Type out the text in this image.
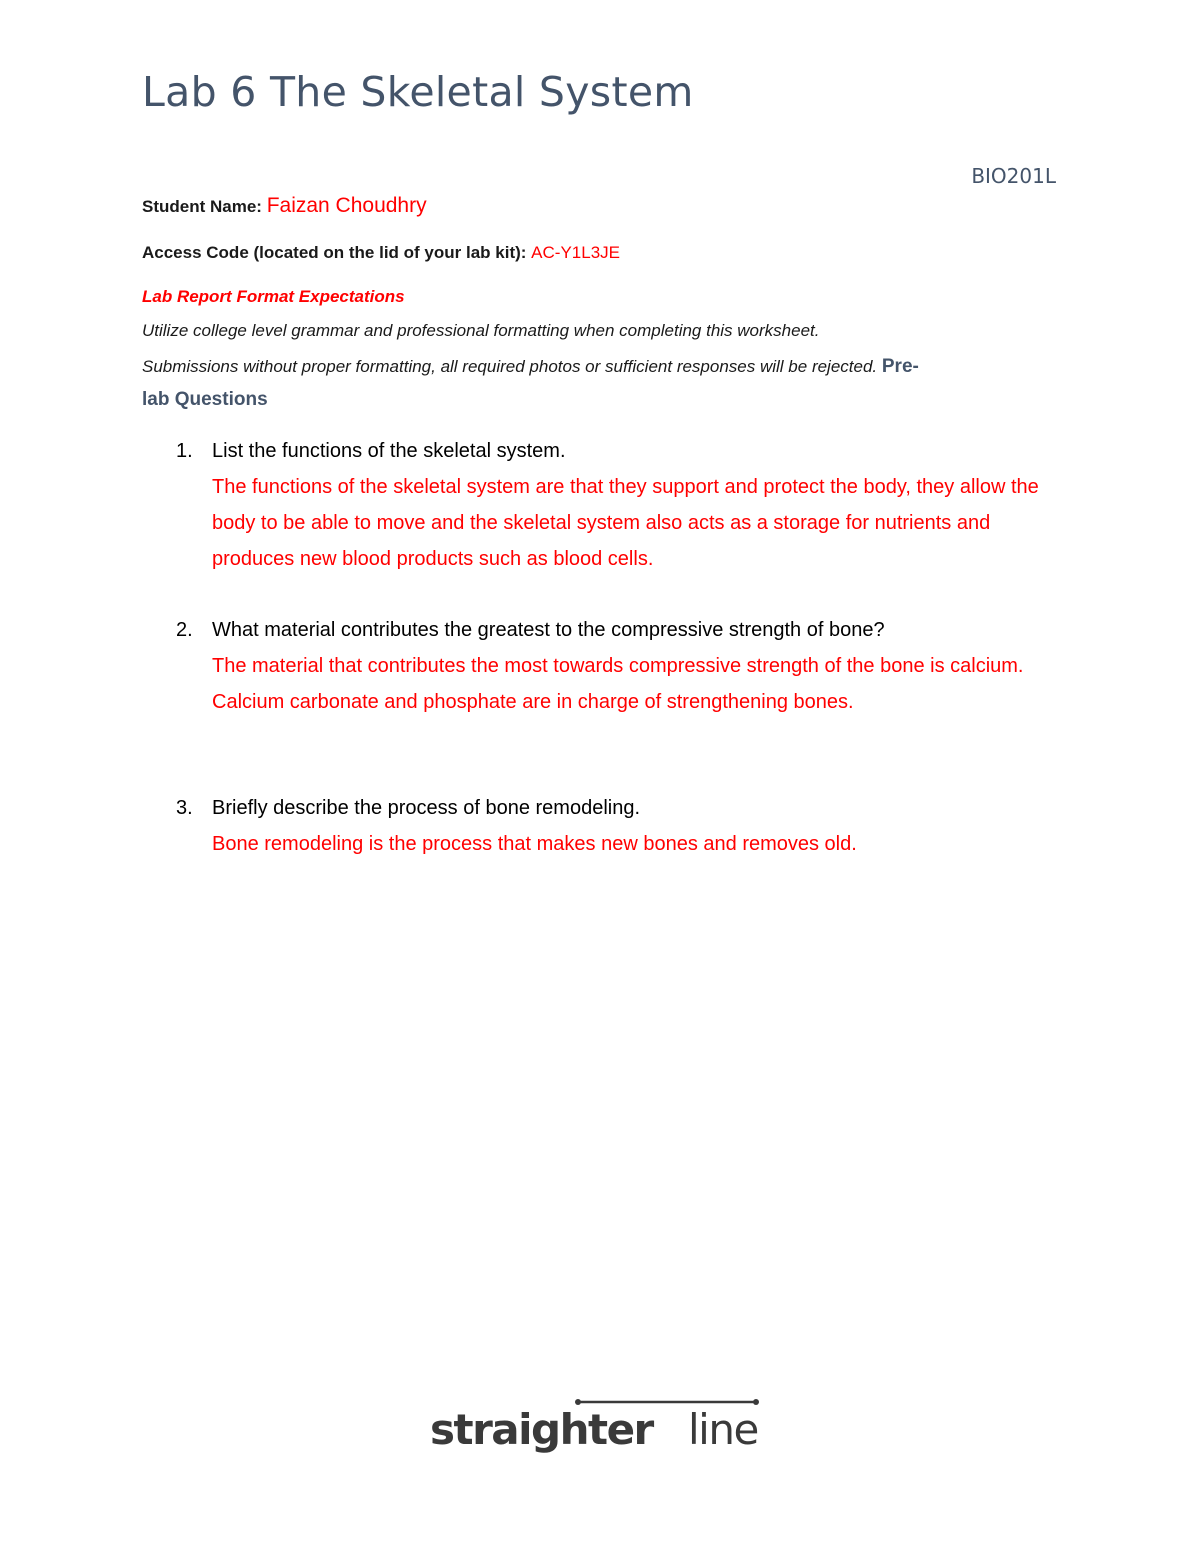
Lab 6 The Skeletal System
BIO201L
Student Name: Faizan Choudhry
Access Code (located on the lid of your lab kit): AC-Y1L3JE
Lab Report Format Expectations
Utilize college level grammar and professional formatting when completing this worksheet.
Submissions without proper formatting, all required photos or sufficient responses will be rejected. Pre-
lab Questions
1. List the functions of the skeletal system.
The functions of the skeletal system are that they support and protect the body, they allow the body to be able to move and the skeletal system also acts as a storage for nutrients and produces new blood products such as blood cells.
2. What material contributes the greatest to the compressive strength of bone?
The material that contributes the most towards compressive strength of the bone is calcium. Calcium carbonate and phosphate are in charge of strengthening bones.
3. Briefly describe the process of bone remodeling.
Bone remodeling is the process that makes new bones and removes old.
straighter line
